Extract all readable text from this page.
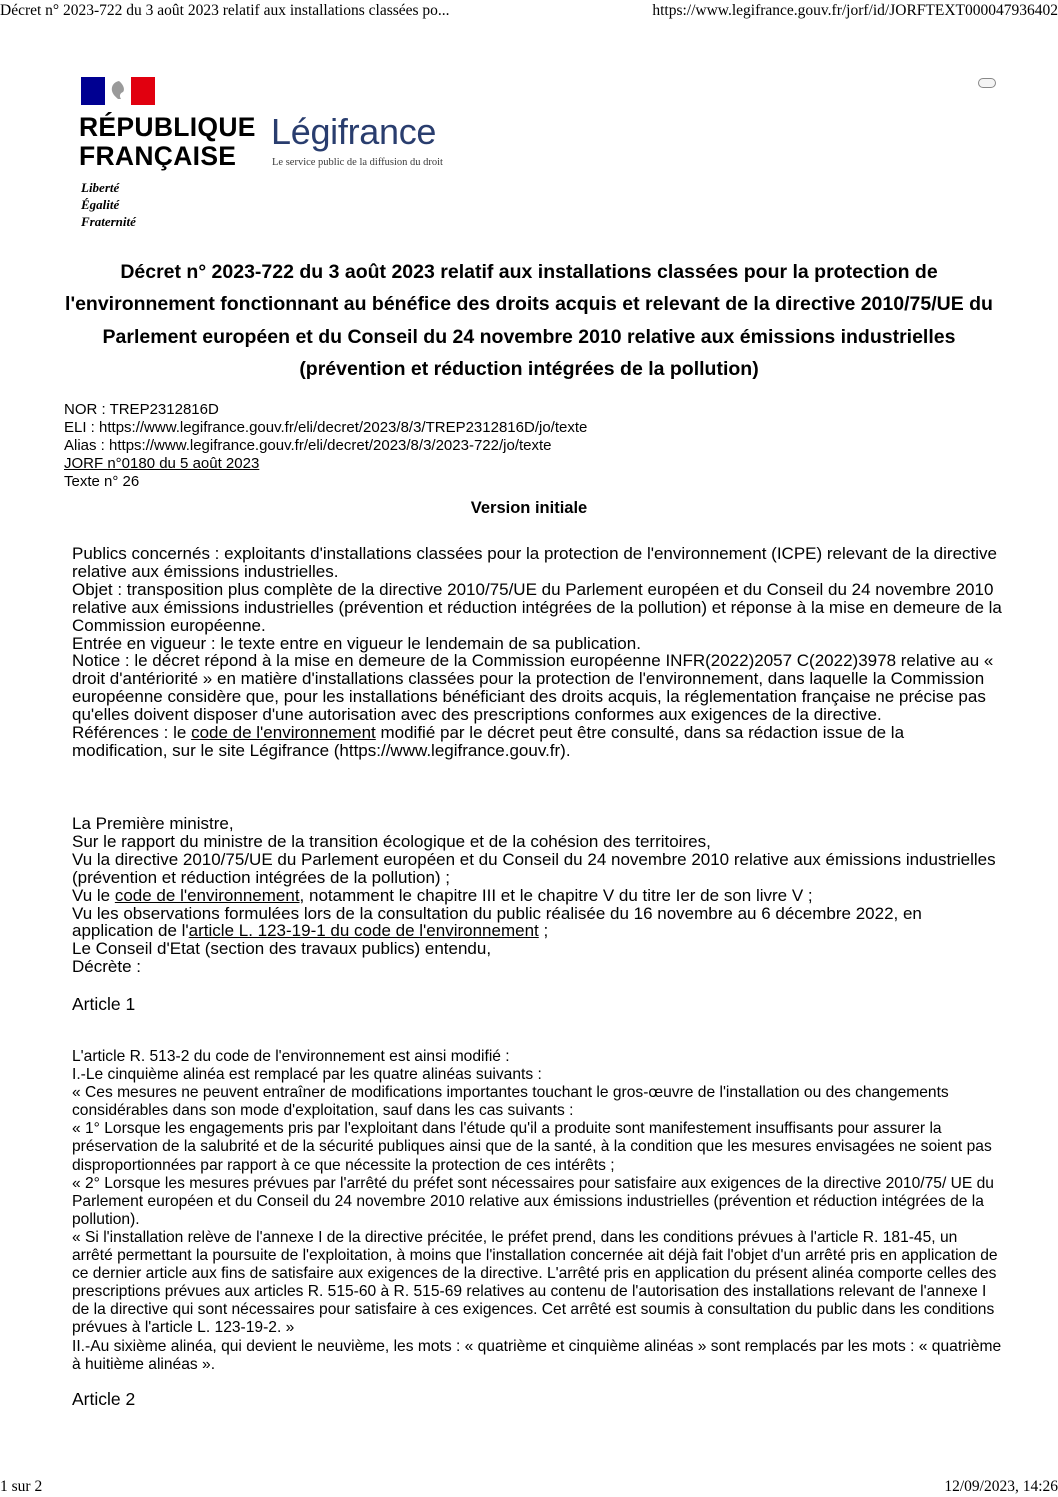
Décret n° 2023-722 du 3 août 2023 relatif aux installations classées po...	https://www.legifrance.gouv.fr/jorf/id/JORFTEXT000047936402
RÉPUBLIQUE
FRANÇAISE
Liberté
Égalité
Fraternité
Légifrance
Le service public de la diffusion du droit
Décret n° 2023-722 du 3 août 2023 relatif aux installations classées pour la protection de l'environnement fonctionnant au bénéfice des droits acquis et relevant de la directive 2010/75/UE du Parlement européen et du Conseil du 24 novembre 2010 relative aux émissions industrielles (prévention et réduction intégrées de la pollution)
NOR : TREP2312816D
ELI : https://www.legifrance.gouv.fr/eli/decret/2023/8/3/TREP2312816D/jo/texte
Alias : https://www.legifrance.gouv.fr/eli/decret/2023/8/3/2023-722/jo/texte
JORF n°0180 du 5 août 2023
Texte n° 26
Version initiale

Publics concernés : exploitants d'installations classées pour la protection de l'environnement (ICPE) relevant de la directive relative aux émissions industrielles.

Objet : transposition plus complète de la directive 2010/75/UE du Parlement européen et du Conseil du 24 novembre 2010 relative aux émissions industrielles (prévention et réduction intégrées de la pollution) et réponse à la mise en demeure de la Commission européenne.

Entrée en vigueur : le texte entre en vigueur le lendemain de sa publication.

Notice : le décret répond à la mise en demeure de la Commission européenne INFR(2022)2057 C(2022)3978 relative au « droit d'antériorité » en matière d'installations classées pour la protection de l'environnement, dans laquelle la Commission européenne considère que, pour les installations bénéficiant des droits acquis, la réglementation française ne précise pas qu'elles doivent disposer d'une autorisation avec des prescriptions conformes aux exigences de la directive.

Références : le code de l'environnement modifié par le décret peut être consulté, dans sa rédaction issue de la modification, sur le site Légifrance (https://www.legifrance.gouv.fr).

La Première ministre,

Sur le rapport du ministre de la transition écologique et de la cohésion des territoires,

Vu la directive 2010/75/UE du Parlement européen et du Conseil du 24 novembre 2010 relative aux émissions industrielles (prévention et réduction intégrées de la pollution) ;

Vu le code de l'environnement, notamment le chapitre III et le chapitre V du titre Ier de son livre V ;

Vu les observations formulées lors de la consultation du public réalisée du 16 novembre au 6 décembre 2022, en application de l'article L. 123-19-1 du code de l'environnement ;

Le Conseil d'Etat (section des travaux publics) entendu,

Décrète :

Article 1

L'article R. 513-2 du code de l'environnement est ainsi modifié :

I.-Le cinquième alinéa est remplacé par les quatre alinéas suivants :

« Ces mesures ne peuvent entraîner de modifications importantes touchant le gros-œuvre de l'installation ou des changements considérables dans son mode d'exploitation, sauf dans les cas suivants :

« 1° Lorsque les engagements pris par l'exploitant dans l'étude qu'il a produite sont manifestement insuffisants pour assurer la préservation de la salubrité et de la sécurité publiques ainsi que de la santé, à la condition que les mesures envisagées ne soient pas disproportionnées par rapport à ce que nécessite la protection de ces intérêts ;

« 2° Lorsque les mesures prévues par l'arrêté du préfet sont nécessaires pour satisfaire aux exigences de la directive 2010/75/ UE du Parlement européen et du Conseil du 24 novembre 2010 relative aux émissions industrielles (prévention et réduction intégrées de la pollution).

« Si l'installation relève de l'annexe I de la directive précitée, le préfet prend, dans les conditions prévues à l'article R. 181-45, un arrêté permettant la poursuite de l'exploitation, à moins que l'installation concernée ait déjà fait l'objet d'un arrêté pris en application de ce dernier article aux fins de satisfaire aux exigences de la directive. L'arrêté pris en application du présent alinéa comporte celles des prescriptions prévues aux articles R. 515-60 à R. 515-69 relatives au contenu de l'autorisation des installations relevant de l'annexe I de la directive qui sont nécessaires pour satisfaire à ces exigences. Cet arrêté est soumis à consultation du public dans les conditions prévues à l'article L. 123-19-2. »

II.-Au sixième alinéa, qui devient le neuvième, les mots : « quatrième et cinquième alinéas » sont remplacés par les mots : « quatrième à huitième alinéas ».

Article 2
1 sur 2	12/09/2023, 14:26
